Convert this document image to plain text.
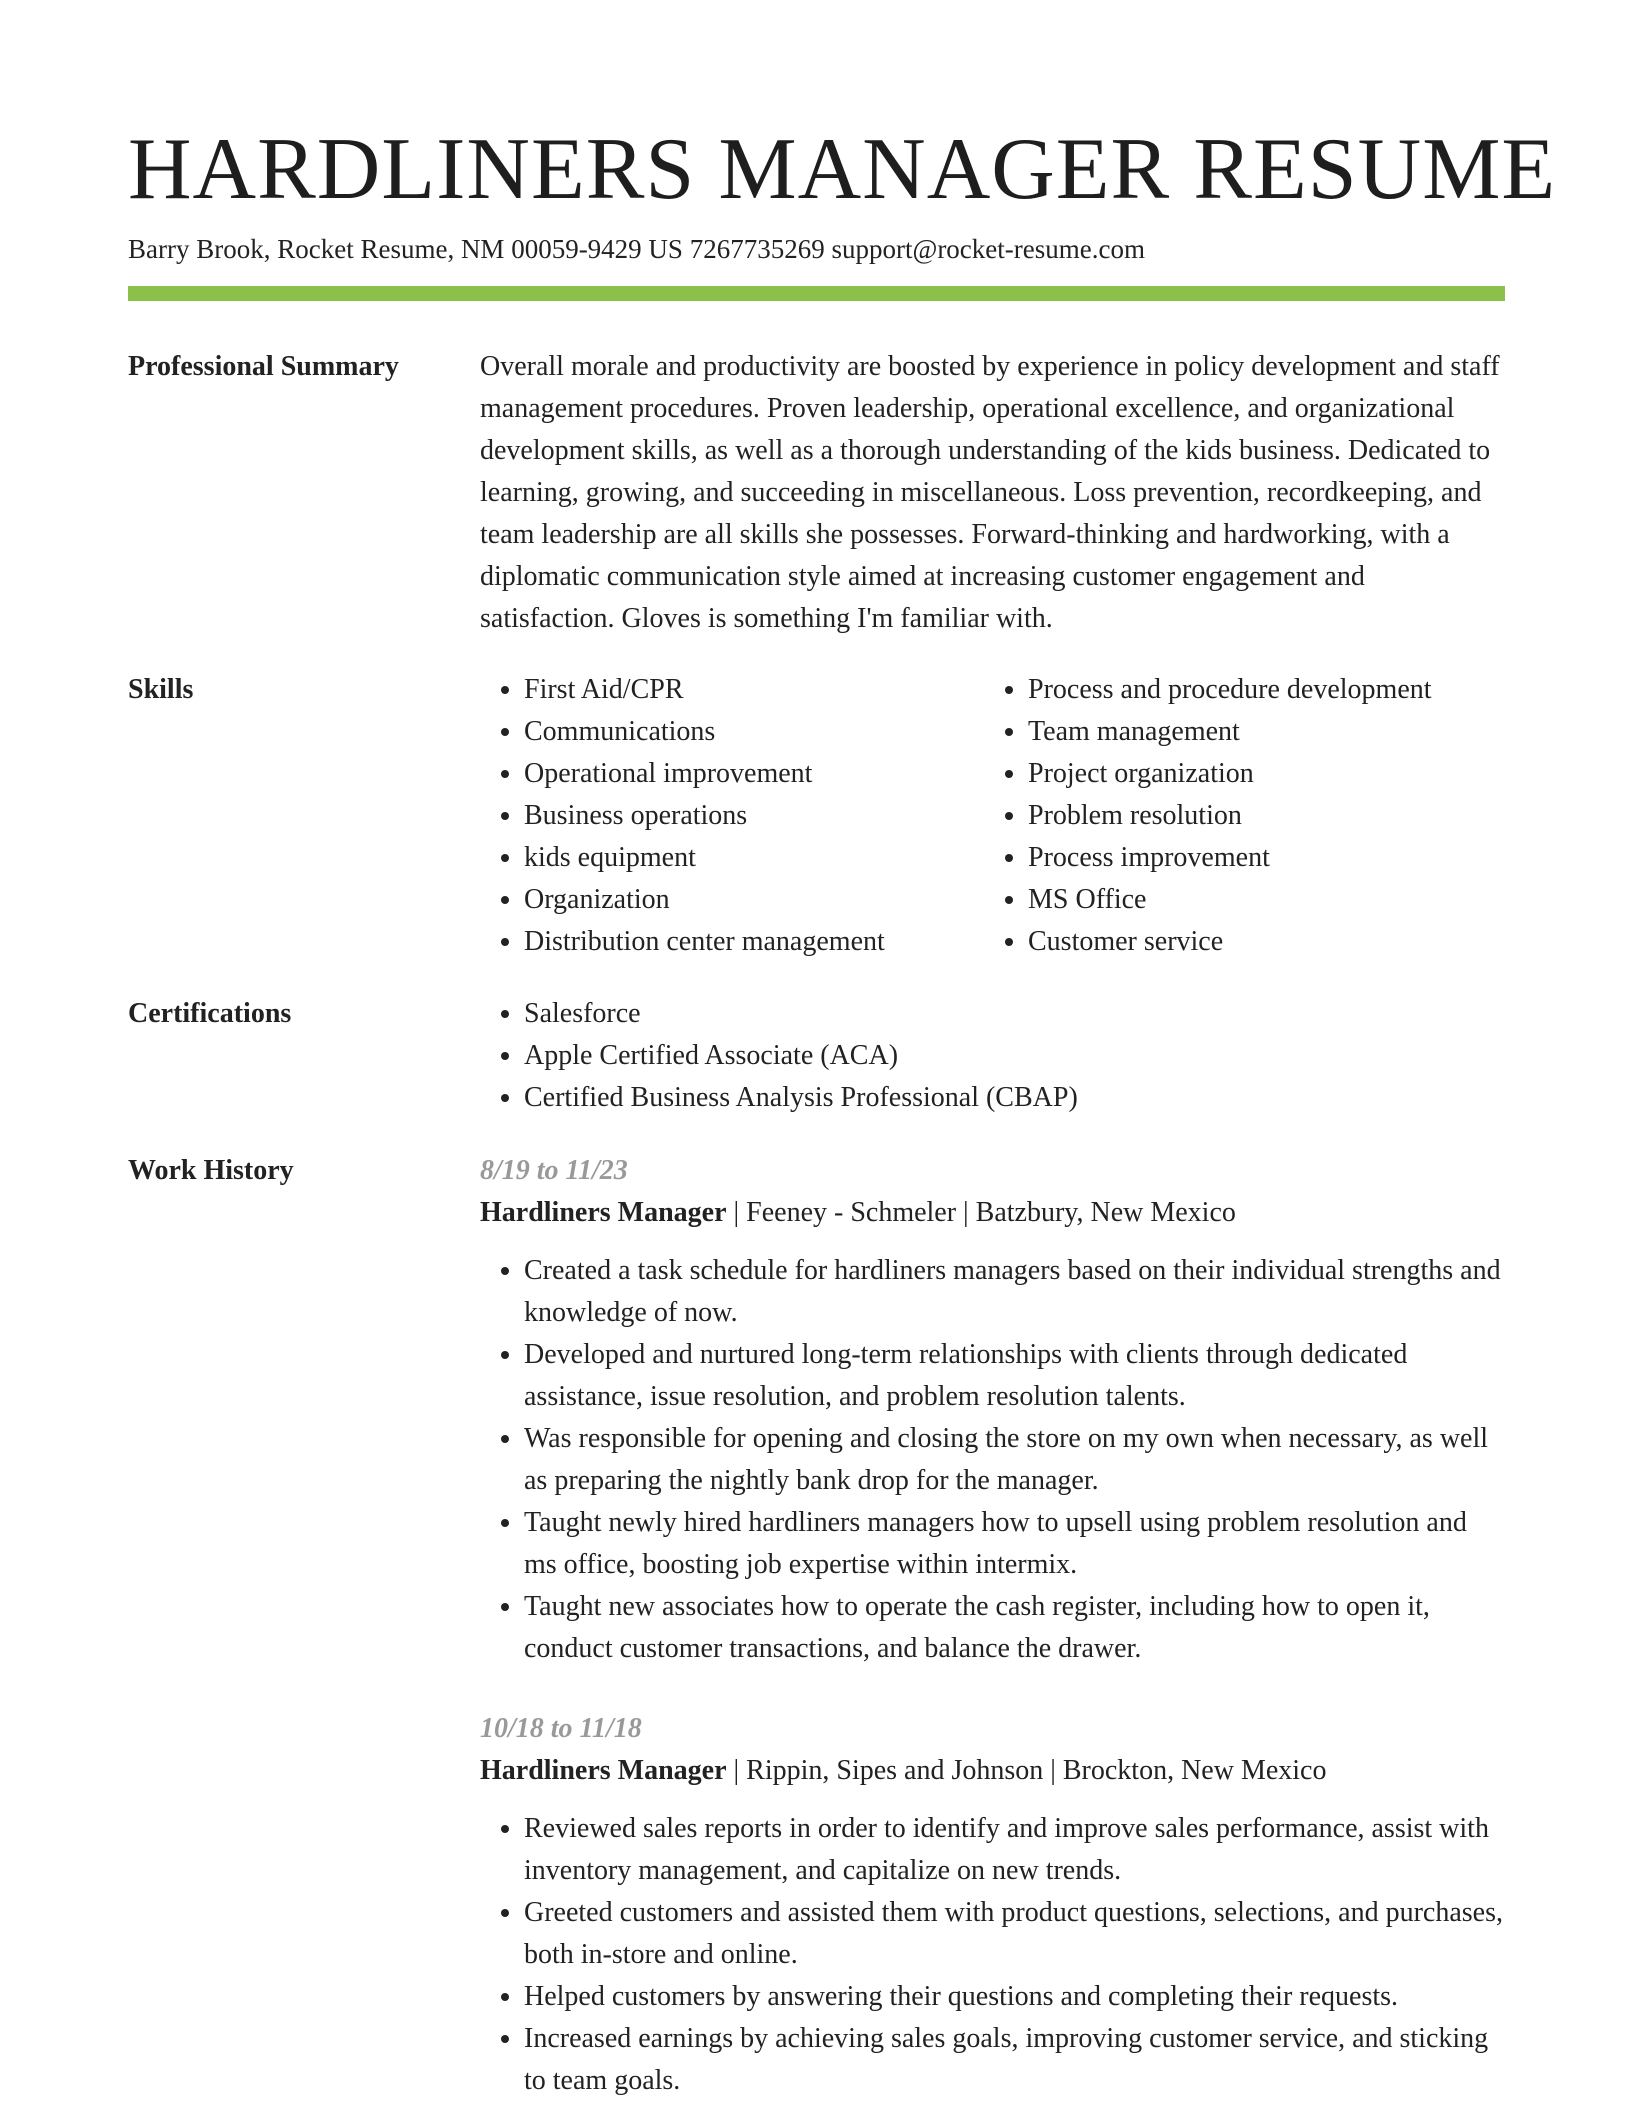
HARDLINERS MANAGER RESUME
Barry Brook, Rocket Resume, NM 00059-9429 US 7267735269 support@rocket-resume.com
Professional Summary	Overall morale and productivity are boosted by experience in policy development and staff management procedures. Proven leadership, operational excellence, and organizational development skills, as well as a thorough understanding of the kids business. Dedicated to learning, growing, and succeeding in miscellaneous. Loss prevention, recordkeeping, and team leadership are all skills she possesses. Forward-thinking and hardworking, with a diplomatic communication style aimed at increasing customer engagement and satisfaction. Gloves is something I'm familiar with.

Skills	• First Aid/CPR
• Communications
• Operational improvement
• Business operations
• kids equipment
• Organization
• Distribution center management
• Process and procedure development
• Team management
• Project organization
• Problem resolution
• Process improvement
• MS Office
• Customer service
Certifications	• Salesforce
• Apple Certified Associate (ACA)
• Certified Business Analysis Professional (CBAP)
Work History	8/19 to 11/23
Hardliners Manager | Feeney - Schmeler | Batzbury, New Mexico
• Created a task schedule for hardliners managers based on their individual strengths and knowledge of now.
• Developed and nurtured long-term relationships with clients through dedicated assistance, issue resolution, and problem resolution talents.
• Was responsible for opening and closing the store on my own when necessary, as well as preparing the nightly bank drop for the manager.
• Taught newly hired hardliners managers how to upsell using problem resolution and ms office, boosting job expertise within intermix.
• Taught new associates how to operate the cash register, including how to open it, conduct customer transactions, and balance the drawer.
10/18 to 11/18
Hardliners Manager | Rippin, Sipes and Johnson | Brockton, New Mexico
• Reviewed sales reports in order to identify and improve sales performance, assist with inventory management, and capitalize on new trends.
• Greeted customers and assisted them with product questions, selections, and purchases, both in-store and online.
• Helped customers by answering their questions and completing their requests.
• Increased earnings by achieving sales goals, improving customer service, and sticking to team goals.
